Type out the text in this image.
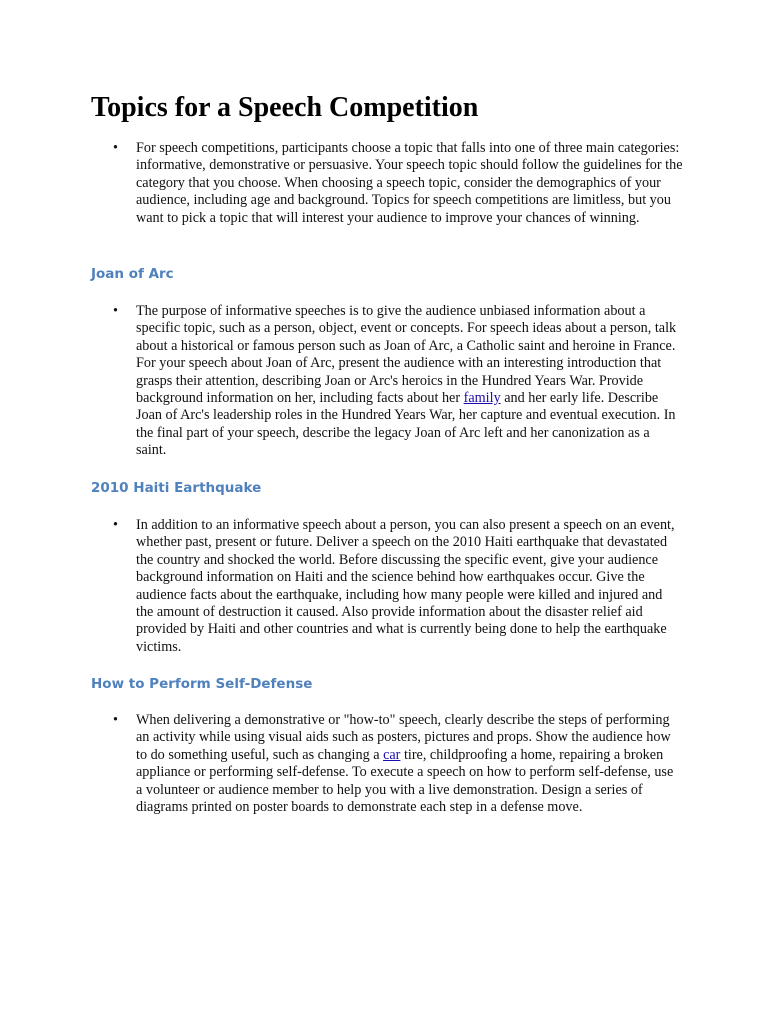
Topics for a Speech Competition
•	For speech competitions, participants choose a topic that falls into one of three main categories: informative, demonstrative or persuasive. Your speech topic should follow the guidelines for the category that you choose. When choosing a speech topic, consider the demographics of your audience, including age and background. Topics for speech competitions are limitless, but you want to pick a topic that will interest your audience to improve your chances of winning.
Joan of Arc
•	The purpose of informative speeches is to give the audience unbiased information about a specific topic, such as a person, object, event or concepts. For speech ideas about a person, talk about a historical or famous person such as Joan of Arc, a Catholic saint and heroine in France. For your speech about Joan of Arc, present the audience with an interesting introduction that grasps their attention, describing Joan or Arc's heroics in the Hundred Years War. Provide background information on her, including facts about her family and her early life. Describe Joan of Arc's leadership roles in the Hundred Years War, her capture and eventual execution. In the final part of your speech, describe the legacy Joan of Arc left and her canonization as a saint.
2010 Haiti Earthquake
•	In addition to an informative speech about a person, you can also present a speech on an event, whether past, present or future. Deliver a speech on the 2010 Haiti earthquake that devastated the country and shocked the world. Before discussing the specific event, give your audience background information on Haiti and the science behind how earthquakes occur. Give the audience facts about the earthquake, including how many people were killed and injured and the amount of destruction it caused. Also provide information about the disaster relief aid provided by Haiti and other countries and what is currently being done to help the earthquake victims.
How to Perform Self-Defense
•	When delivering a demonstrative or "how-to" speech, clearly describe the steps of performing an activity while using visual aids such as posters, pictures and props. Show the audience how to do something useful, such as changing a car tire, childproofing a home, repairing a broken appliance or performing self-defense. To execute a speech on how to perform self-defense, use a volunteer or audience member to help you with a live demonstration. Design a series of diagrams printed on poster boards to demonstrate each step in a defense move.
